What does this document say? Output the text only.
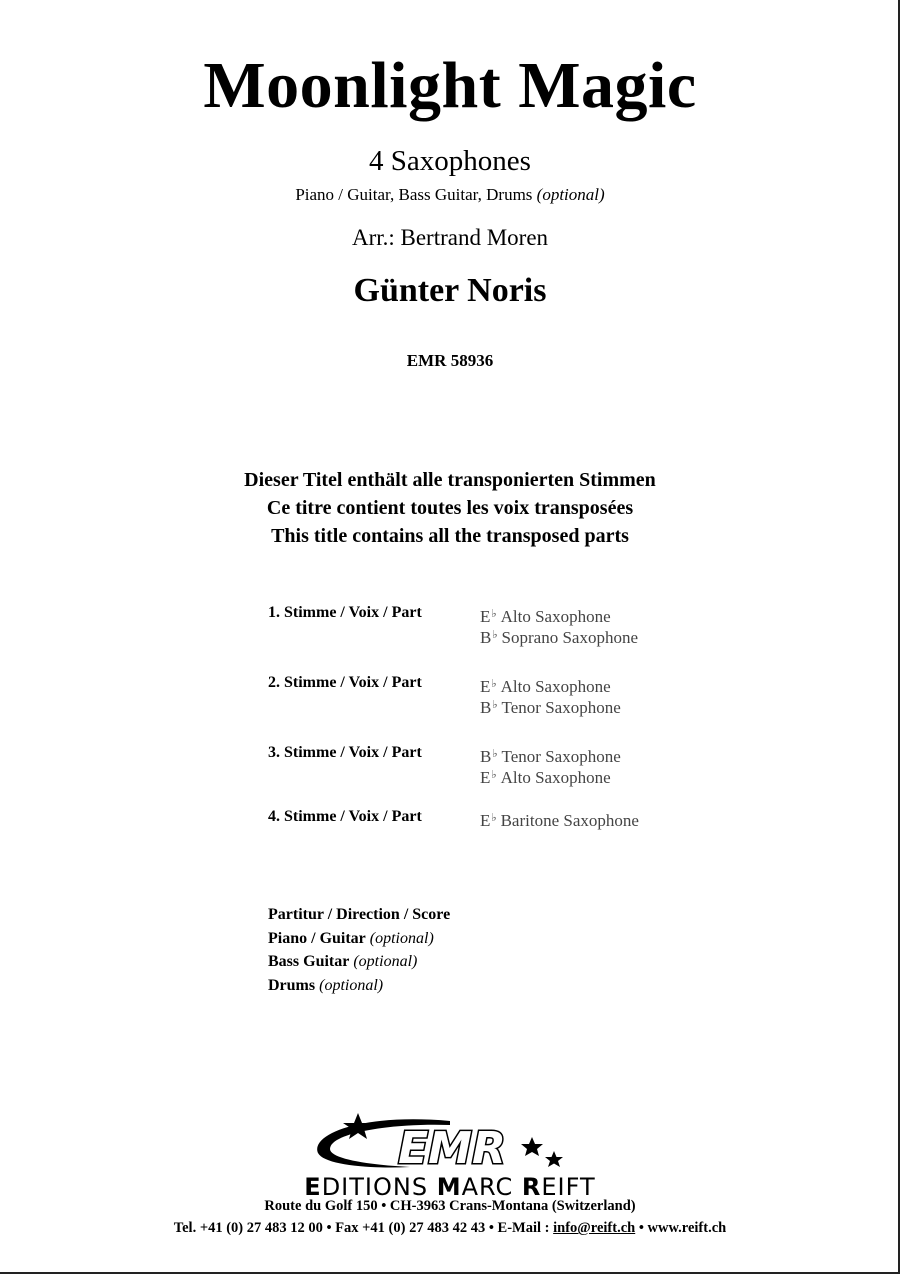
Moonlight Magic
4 Saxophones
Piano / Guitar, Bass Guitar, Drums (optional)
Arr.: Bertrand Moren
Günter Noris
EMR 58936
Dieser Titel enthält alle transponierten Stimmen
Ce titre contient toutes les voix transposées
This title contains all the transposed parts
1. Stimme / Voix / Part	E♭ Alto Saxophone
B♭ Soprano Saxophone
2. Stimme / Voix / Part	E♭ Alto Saxophone
B♭ Tenor Saxophone
3. Stimme / Voix / Part	B♭ Tenor Saxophone
E♭ Alto Saxophone
4. Stimme / Voix / Part	E♭ Baritone Saxophone
Partitur / Direction / Score
Piano / Guitar (optional)
Bass Guitar (optional)
Drums (optional)
EMR
EDITIONS MARC REIFT
Route du Golf 150 • CH-3963 Crans-Montana (Switzerland)
Tel. +41 (0) 27 483 12 00 • Fax +41 (0) 27 483 42 43 • E-Mail : info@reift.ch • www.reift.ch
